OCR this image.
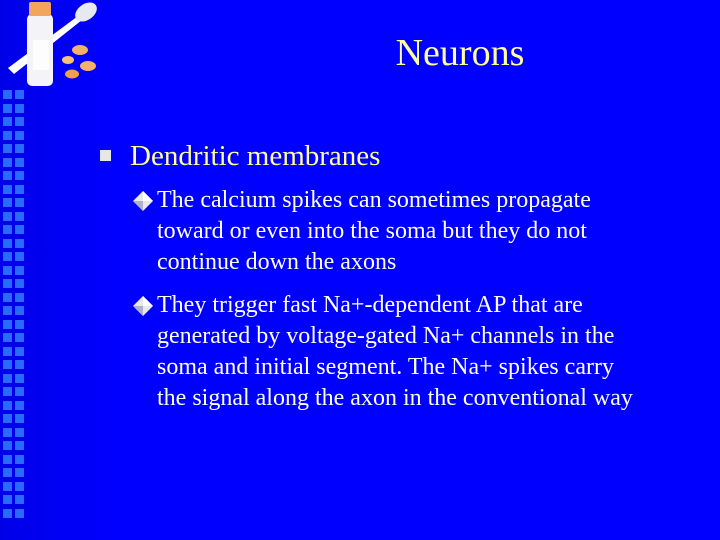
Neurons
Dendritic membranes
The calcium spikes can sometimes propagate
toward or even into the soma but they do not
continue down the axons
They trigger fast Na+-dependent AP that are
generated by voltage-gated Na+ channels in the
soma and initial segment. The Na+ spikes carry
the signal along the axon in the conventional way
